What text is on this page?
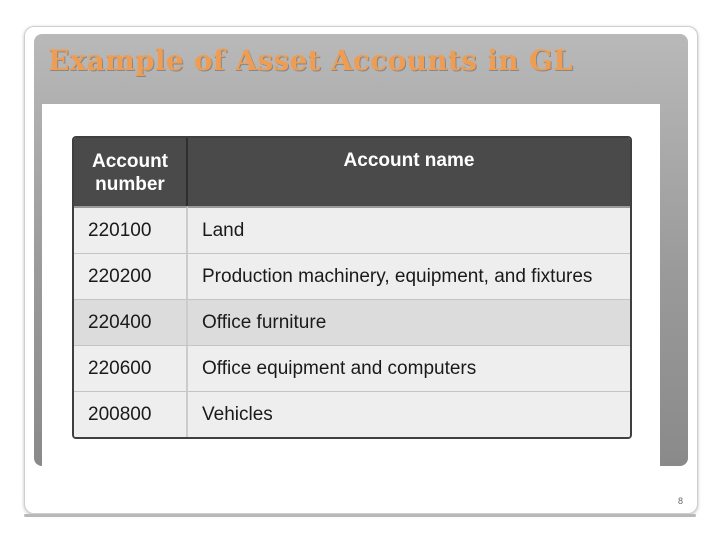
Example of Asset Accounts in GL
Account number	Account name
220100	Land
220200	Production machinery, equipment, and fixtures
220400	Office furniture
220600	Office equipment and computers
200800	Vehicles
8
